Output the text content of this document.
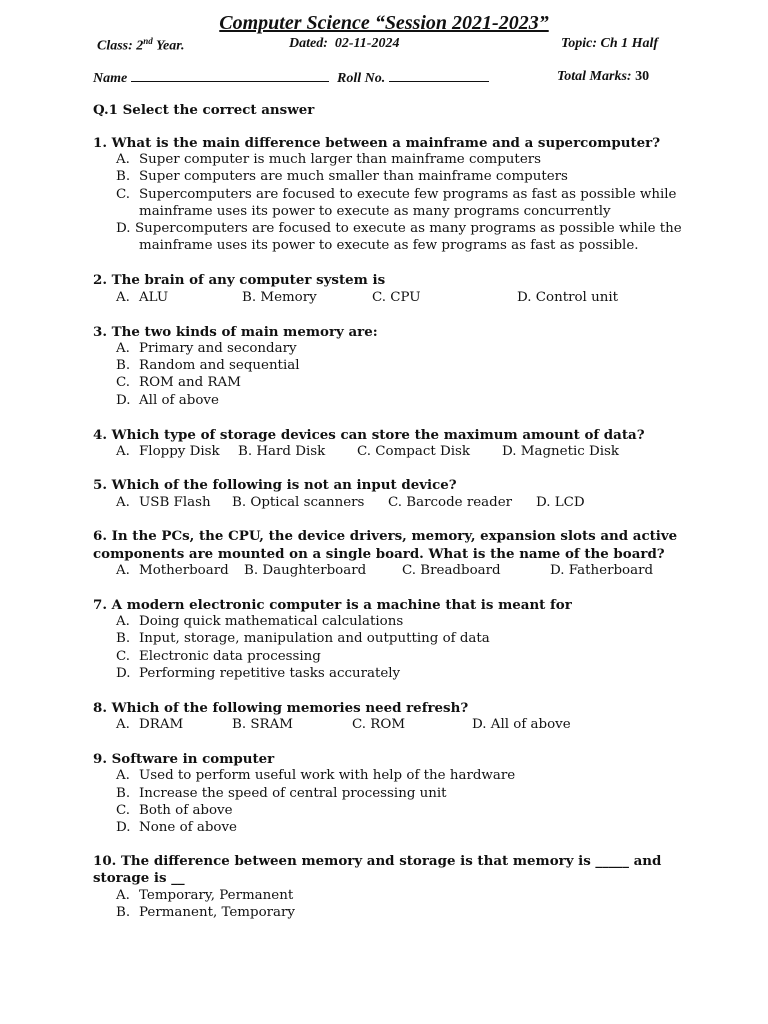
Computer Science “Session 2021-2023”
Class: 2nd Year.	Dated: 02-11-2024	Topic: Ch 1 Half
Name	Roll No.	Total Marks: 30
Q.1 Select the correct answer
1. What is the main difference between a mainframe and a supercomputer?
A. Super computer is much larger than mainframe computers
B. Super computers are much smaller than mainframe computers
C. Supercomputers are focused to execute few programs as fast as possible while
mainframe uses its power to execute as many programs concurrently
D. Supercomputers are focused to execute as many programs as possible while the
mainframe uses its power to execute as few programs as fast as possible.
2. The brain of any computer system is
A. ALU	B. Memory	C. CPU	D. Control unit
3. The two kinds of main memory are:
A. Primary and secondary
B. Random and sequential
C. ROM and RAM
D. All of above
4. Which type of storage devices can store the maximum amount of data?
A. Floppy Disk B. Hard Disk C. Compact Disk D. Magnetic Disk
5. Which of the following is not an input device?
A. USB Flash B. Optical scanners C. Barcode reader D. LCD
6. In the PCs, the CPU, the device drivers, memory, expansion slots and active
components are mounted on a single board. What is the name of the board?
A. Motherboard B. Daughterboard	C. Breadboard	D. Fatherboard
7. A modern electronic computer is a machine that is meant for
A. Doing quick mathematical calculations
B. Input, storage, manipulation and outputting of data
C. Electronic data processing
D. Performing repetitive tasks accurately
8. Which of the following memories need refresh?
A. DRAM	B. SRAM	C. ROM	D. All of above
9. Software in computer
A. Used to perform useful work with help of the hardware
B. Increase the speed of central processing unit
C. Both of above
D. None of above
10. The difference between memory and storage is that memory is _____ and
storage is __
A. Temporary, Permanent
B. Permanent, Temporary
